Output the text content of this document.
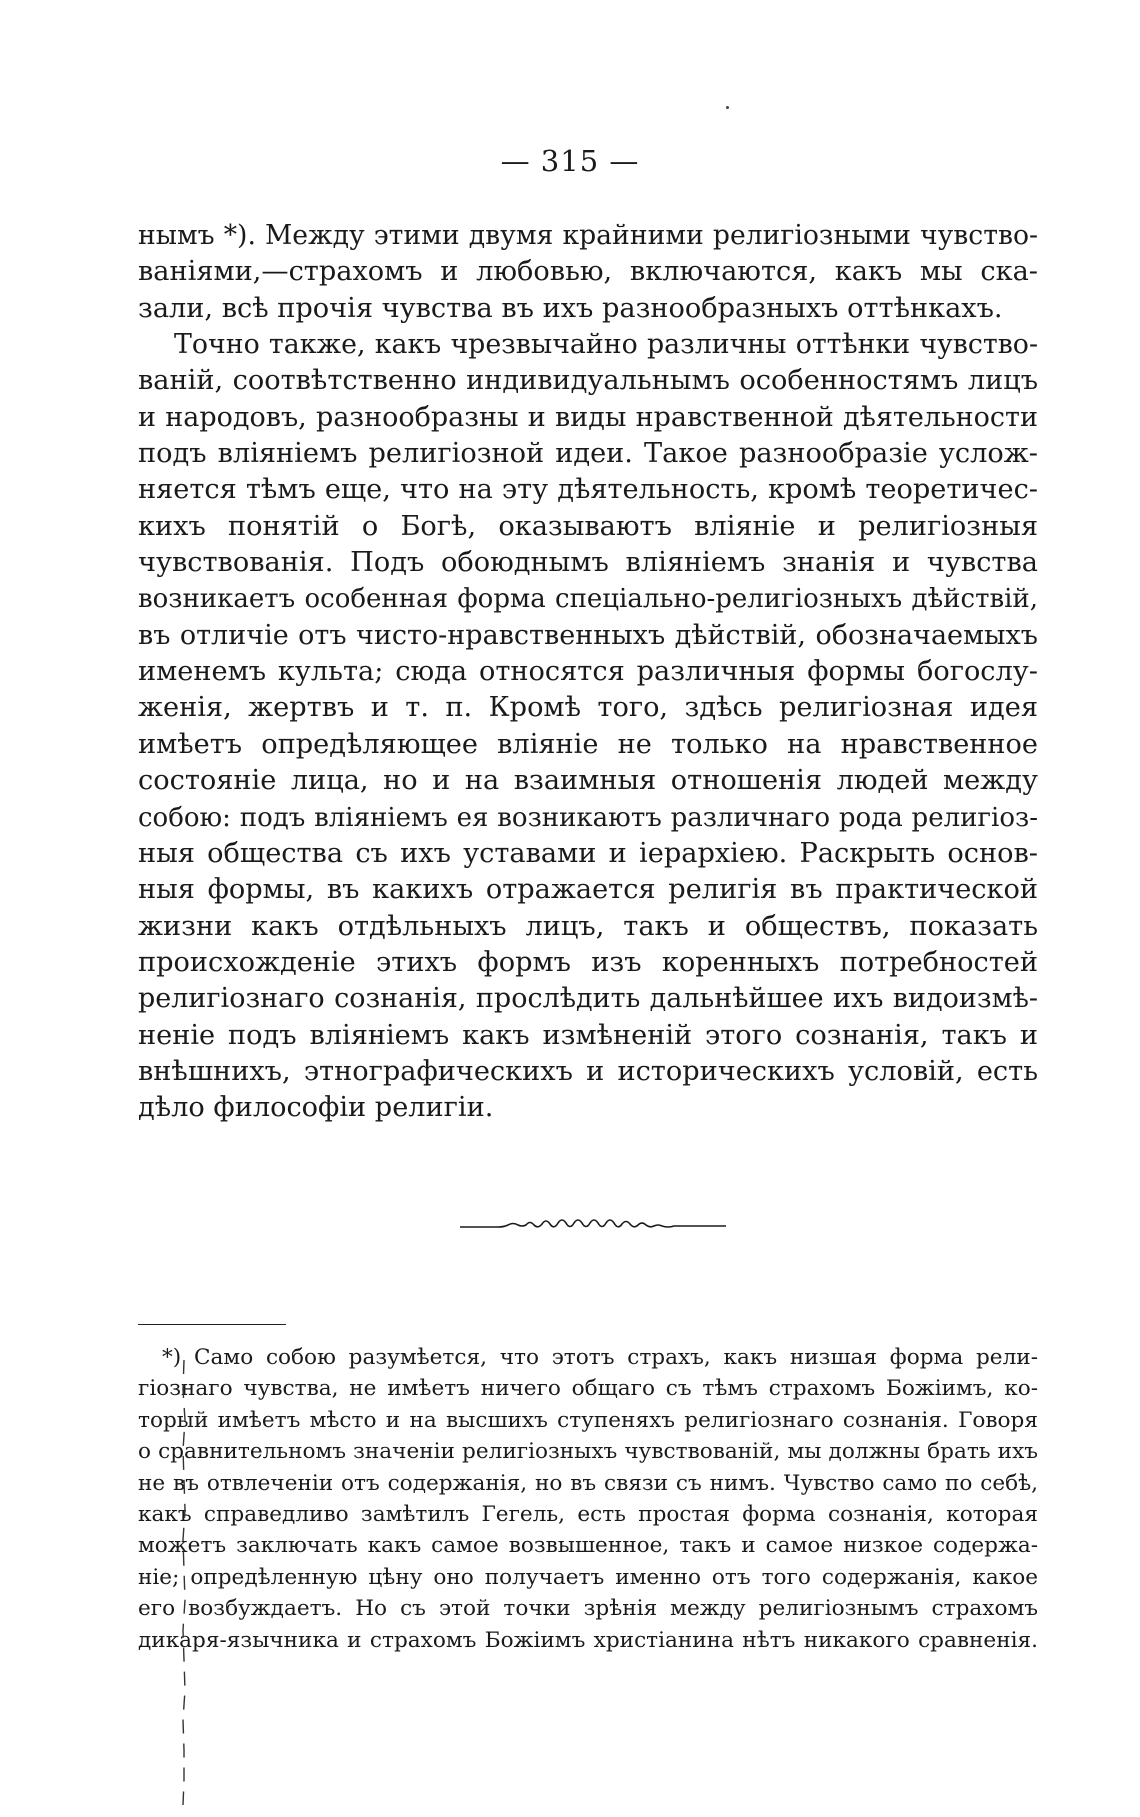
— 315 —
нымъ *). Между этими двумя крайними религіозными чувство-
ваніями,—страхомъ и любовью, включаются, какъ мы ска-
зали, всѣ прочія чувства въ ихъ разнообразныхъ оттѣнкахъ.
Точно также, какъ чрезвычайно различны оттѣнки чувство-
ваній, соотвѣтственно индивидуальнымъ особенностямъ лицъ
и народовъ, разнообразны и виды нравственной дѣятельности
подъ вліяніемъ религіозной идеи. Такое разнообразіе услож-
няется тѣмъ еще, что на эту дѣятельность, кромѣ теоретичес-
кихъ понятій о Богѣ, оказываютъ вліяніе и религіозныя
чувствованія. Подъ обоюднымъ вліяніемъ знанія и чувства
возникаетъ особенная форма спеціально-религіозныхъ дѣйствій,
въ отличіе отъ чисто-нравственныхъ дѣйствій, обозначаемыхъ
именемъ культа; сюда относятся различныя формы богослу-
женія, жертвъ и т. п. Кромѣ того, здѣсь религіозная идея
имѣетъ опредѣляющее вліяніе не только на нравственное
состояніе лица, но и на взаимныя отношенія людей между
собою: подъ вліяніемъ ея возникаютъ различнаго рода религіоз-
ныя общества съ ихъ уставами и іерархіею. Раскрыть основ-
ныя формы, въ какихъ отражается религія въ практической
жизни какъ отдѣльныхъ лицъ, такъ и обществъ, показать
происхожденіе этихъ формъ изъ коренныхъ потребностей
религіознаго сознанія, прослѣдить дальнѣйшее ихъ видоизмѣ-
неніе подъ вліяніемъ какъ измѣненій этого сознанія, такъ и
внѣшнихъ, этнографическихъ и историческихъ условій, есть
дѣло философіи религіи.
*) Само собою разумѣется, что этотъ страхъ, какъ низшая форма рели-
гіознаго чувства, не имѣетъ ничего общаго съ тѣмъ страхомъ Божіимъ, ко-
торый имѣетъ мѣсто и на высшихъ ступеняхъ религіознаго сознанія. Говоря
о сравнительномъ значеніи религіозныхъ чувствованій, мы должны брать ихъ
не въ отвлеченіи отъ содержанія, но въ связи съ нимъ. Чувство само по себѣ,
какъ справедливо замѣтилъ Гегель, есть простая форма сознанія, которая
можетъ заключать какъ самое возвышенное, такъ и самое низкое содержа-
ніе; опредѣленную цѣну оно получаетъ именно отъ того содержанія, какое
его возбуждаетъ. Но съ этой точки зрѣнія между религіознымъ страхомъ
дикаря-язычника и страхомъ Божіимъ христіанина нѣтъ никакого сравненія.
